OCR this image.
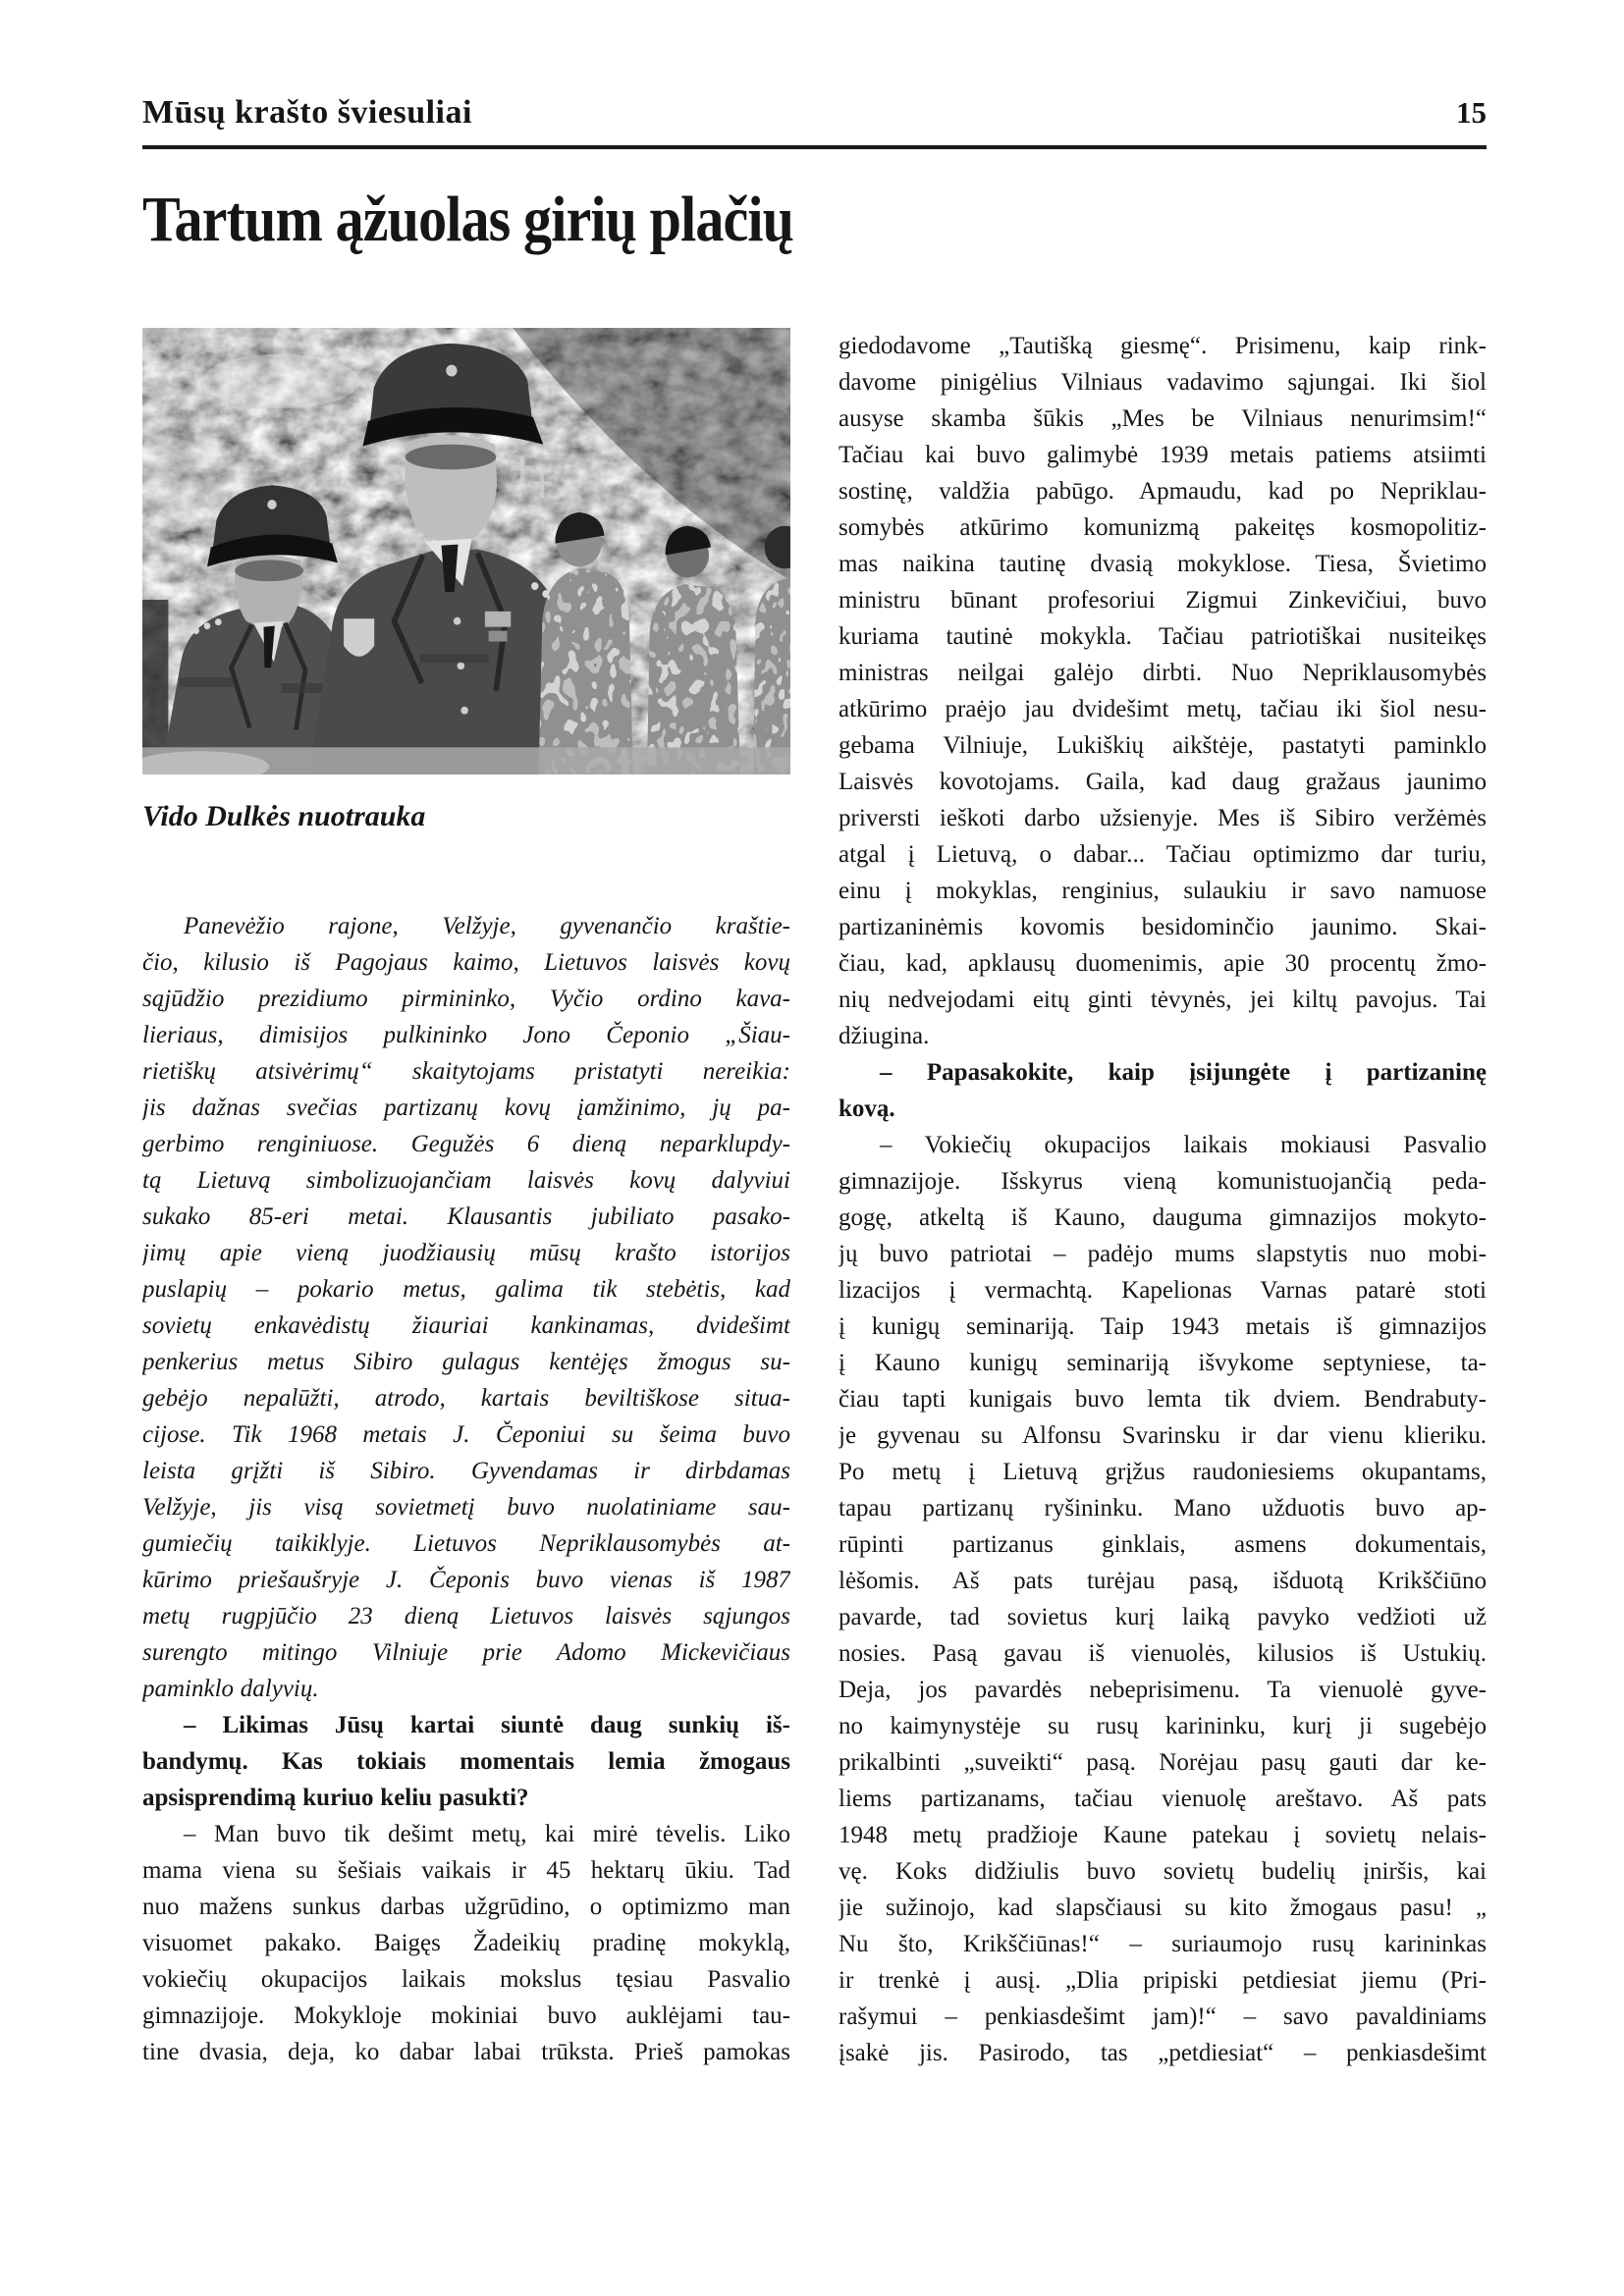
Mūsų krašto šviesuliai	15
Tartum ąžuolas girių plačių
Vido Dulkės nuotrauka
Panevėžio rajone, Velžyje, gyvenančio kraštie-
čio, kilusio iš Pagojaus kaimo, Lietuvos laisvės kovų
sąjūdžio prezidiumo pirmininko, Vyčio ordino kava-
lieriaus, dimisijos pulkininko Jono Čeponio „Šiau-
rietiškų atsivėrimų“ skaitytojams pristatyti nereikia:
jis dažnas svečias partizanų kovų įamžinimo, jų pa-
gerbimo renginiuose. Gegužės 6 dieną neparklupdy-
tą Lietuvą simbolizuojančiam laisvės kovų dalyviui
sukako 85-eri metai. Klausantis jubiliato pasako-
jimų apie vieną juodžiausių mūsų krašto istorijos
puslapių – pokario metus, galima tik stebėtis, kad
sovietų enkavėdistų žiauriai kankinamas, dvidešimt
penkerius metus Sibiro gulagus kentėjęs žmogus su-
gebėjo nepalūžti, atrodo, kartais beviltiškose situa-
cijose. Tik 1968 metais J. Čeponiui su šeima buvo
leista grįžti iš Sibiro. Gyvendamas ir dirbdamas
Velžyje, jis visą sovietmetį buvo nuolatiniame sau-
gumiečių taikiklyje. Lietuvos Nepriklausomybės at-
kūrimo priešaušryje J. Čeponis buvo vienas iš 1987
metų rugpjūčio 23 dieną Lietuvos laisvės sąjungos
surengto mitingo Vilniuje prie Adomo Mickevičiaus
paminklo dalyvių.
– Likimas Jūsų kartai siuntė daug sunkių iš-
bandymų. Kas tokiais momentais lemia žmogaus
apsisprendimą kuriuo keliu pasukti?
– Man buvo tik dešimt metų, kai mirė tėvelis. Liko
mama viena su šešiais vaikais ir 45 hektarų ūkiu. Tad
nuo mažens sunkus darbas užgrūdino, o optimizmo man
visuomet pakako. Baigęs Žadeikių pradinę mokyklą,
vokiečių okupacijos laikais mokslus tęsiau Pasvalio
gimnazijoje. Mokykloje mokiniai buvo auklėjami tau-
tine dvasia, deja, ko dabar labai trūksta. Prieš pamokas
giedodavome „Tautišką giesmę“. Prisimenu, kaip rink-
davome pinigėlius Vilniaus vadavimo sąjungai. Iki šiol
ausyse skamba šūkis „Mes be Vilniaus nenurimsim!“
Tačiau kai buvo galimybė 1939 metais patiems atsiimti
sostinę, valdžia pabūgo. Apmaudu, kad po Nepriklau-
somybės atkūrimo komunizmą pakeitęs kosmopolitiz-
mas naikina tautinę dvasią mokyklose. Tiesa, Švietimo
ministru būnant profesoriui Zigmui Zinkevičiui, buvo
kuriama tautinė mokykla. Tačiau patriotiškai nusiteikęs
ministras neilgai galėjo dirbti. Nuo Nepriklausomybės
atkūrimo praėjo jau dvidešimt metų, tačiau iki šiol nesu-
gebama Vilniuje, Lukiškių aikštėje, pastatyti paminklo
Laisvės kovotojams. Gaila, kad daug gražaus jaunimo
priversti ieškoti darbo užsienyje. Mes iš Sibiro veržėmės
atgal į Lietuvą, o dabar... Tačiau optimizmo dar turiu,
einu į mokyklas, renginius, sulaukiu ir savo namuose
partizaninėmis kovomis besidominčio jaunimo. Skai-
čiau, kad, apklausų duomenimis, apie 30 procentų žmo-
nių nedvejodami eitų ginti tėvynės, jei kiltų pavojus. Tai
džiugina.
– Papasakokite, kaip įsijungėte į partizaninę
kovą.
– Vokiečių okupacijos laikais mokiausi Pasvalio
gimnazijoje. Išskyrus vieną komunistuojančią peda-
gogę, atkeltą iš Kauno, dauguma gimnazijos mokyto-
jų buvo patriotai – padėjo mums slapstytis nuo mobi-
lizacijos į vermachtą. Kapelionas Varnas patarė stoti
į kunigų seminariją. Taip 1943 metais iš gimnazijos
į Kauno kunigų seminariją išvykome septyniese, ta-
čiau tapti kunigais buvo lemta tik dviem. Bendrabuty-
je gyvenau su Alfonsu Svarinsku ir dar vienu klieriku.
Po metų į Lietuvą grįžus raudoniesiems okupantams,
tapau partizanų ryšininku. Mano užduotis buvo ap-
rūpinti partizanus ginklais, asmens dokumentais,
lėšomis. Aš pats turėjau pasą, išduotą Krikščiūno
pavarde, tad sovietus kurį laiką pavyko vedžioti už
nosies. Pasą gavau iš vienuolės, kilusios iš Ustukių.
Deja, jos pavardės nebeprisimenu. Ta vienuolė gyve-
no kaimynystėje su rusų karininku, kurį ji sugebėjo
prikalbinti „suveikti“ pasą. Norėjau pasų gauti dar ke-
liems partizanams, tačiau vienuolę areštavo. Aš pats
1948 metų pradžioje Kaune patekau į sovietų nelais-
vę. Koks didžiulis buvo sovietų budelių įniršis, kai
jie sužinojo, kad slapsčiausi su kito žmogaus pasu! „
Nu što, Krikščiūnas!“ – suriaumojo rusų karininkas
ir trenkė į ausį. „Dlia pripiski petdiesiat jiemu (Pri-
rašymui – penkiasdešimt jam)!“ – savo pavaldiniams
įsakė jis. Pasirodo, tas „petdiesiat“ – penkiasdešimt
